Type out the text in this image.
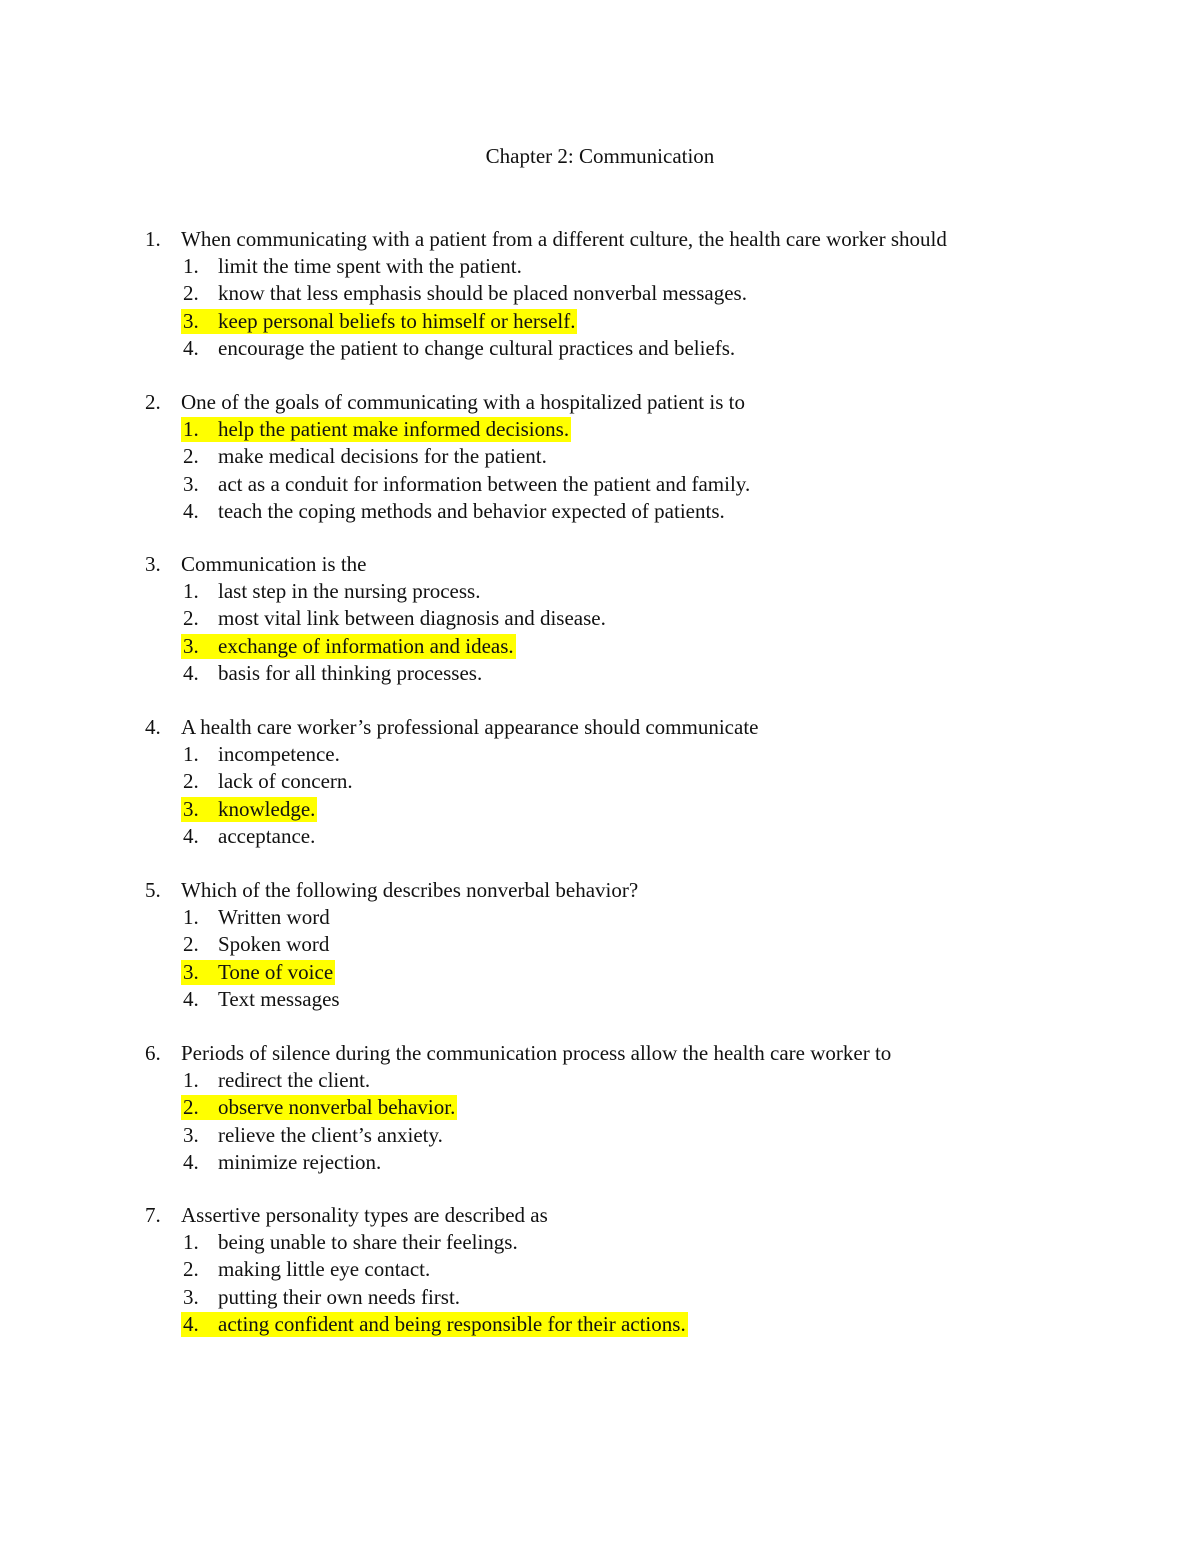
Chapter 2: Communication
1. When communicating with a patient from a different culture, the health care worker should
1. limit the time spent with the patient.
2. know that less emphasis should be placed nonverbal messages.
3. keep personal beliefs to himself or herself.
4. encourage the patient to change cultural practices and beliefs.
2. One of the goals of communicating with a hospitalized patient is to
1. help the patient make informed decisions.
2. make medical decisions for the patient.
3. act as a conduit for information between the patient and family.
4. teach the coping methods and behavior expected of patients.
3. Communication is the
1. last step in the nursing process.
2. most vital link between diagnosis and disease.
3. exchange of information and ideas.
4. basis for all thinking processes.
4. A health care worker’s professional appearance should communicate
1. incompetence.
2. lack of concern.
3. knowledge.
4. acceptance.
5. Which of the following describes nonverbal behavior?
1. Written word
2. Spoken word
3. Tone of voice
4. Text messages
6. Periods of silence during the communication process allow the health care worker to
1. redirect the client.
2. observe nonverbal behavior.
3. relieve the client’s anxiety.
4. minimize rejection.
7. Assertive personality types are described as
1. being unable to share their feelings.
2. making little eye contact.
3. putting their own needs first.
4. acting confident and being responsible for their actions.
